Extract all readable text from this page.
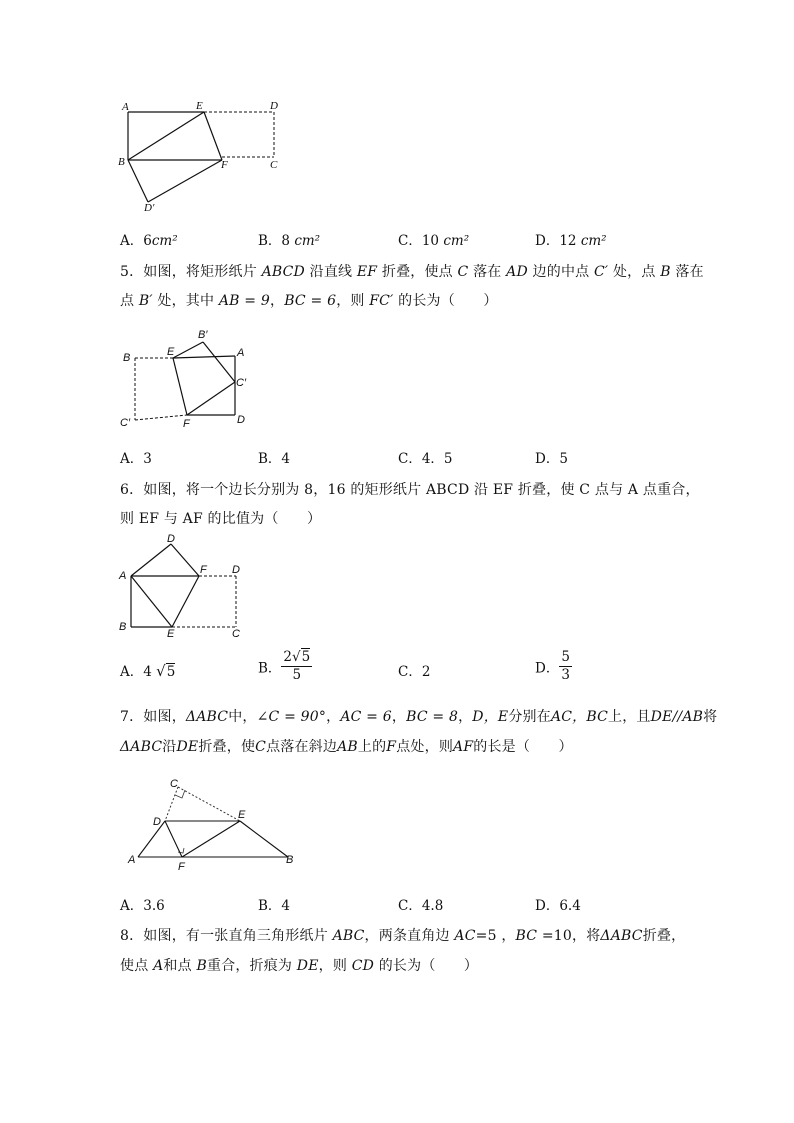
A	E	D
B	F	C
D′
A．6cm²	B．8 cm²	C．10 cm²	D．12 cm²
5．如图，将矩形纸片 ABCD 沿直线 EF 折叠，使点 C 落在 AD 边的中点 C′ 处，点 B 落在
点 B′ 处，其中 AB = 9，BC = 6，则 FC′ 的长为（　　）
B′
B	E	A
C′
C′	F	D
A．3	B．4	C．4．5	D．5
6．如图，将一个边长分别为 8，16 的矩形纸片 ABCD 沿 EF 折叠，使 C 点与 A 点重合，
则 EF 与 AF 的比值为（　　）
D
A	F D
B
E	C
A．4 √5	B． $\frac{2√5}{5}$	C．2	D． $\frac{5}{3}$
7．如图，ΔABC中，∠C = 90°，AC = 6，BC = 8，D，E分别在AC，BC上，且DE//AB将
ΔABC沿DE折叠，使C点落在斜边AB上的F点处，则AF的长是（　　）
C
D
E
A
F
B
A．3.6	B．4	C．4.8	D．6.4
8．如图，有一张直角三角形纸片 ABC，两条直角边 AC=5 ，BC =10，将ΔABC折叠，
使点 A和点 B重合，折痕为 DE，则 CD 的长为（　　）
